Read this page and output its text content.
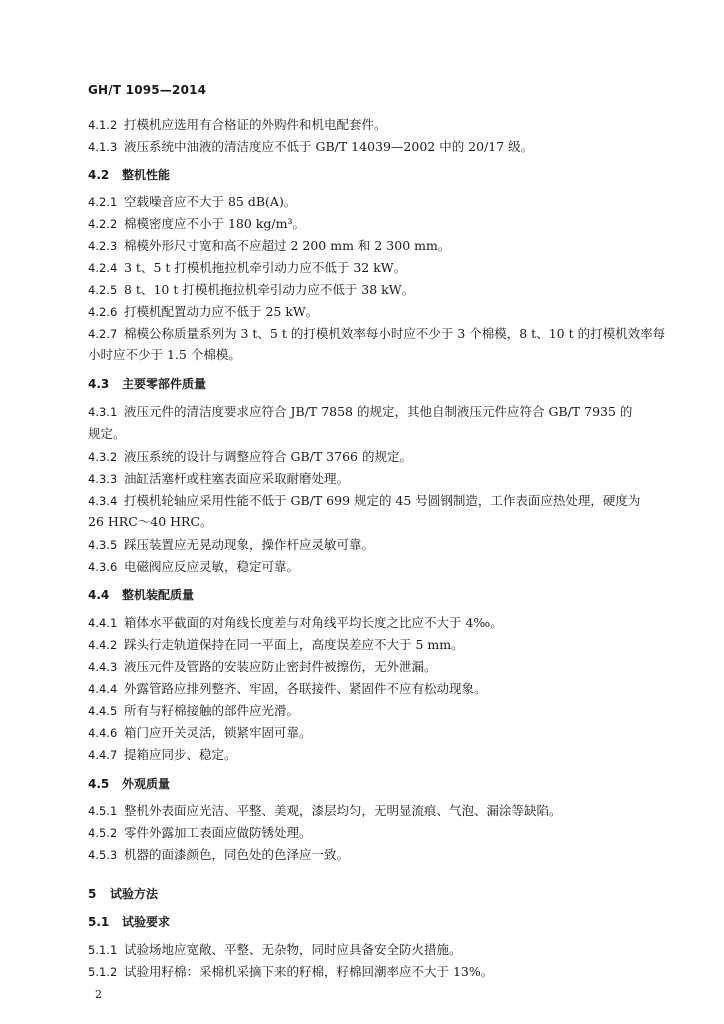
GH/T 1095—2014
4.1.2 打模机应选用有合格证的外购件和机电配套件。
4.1.3 液压系统中油液的清洁度应不低于 GB/T 14039—2002 中的 20/17 级。
4.2 整机性能
4.2.1 空载噪音应不大于 85 dB(A)。
4.2.2 棉模密度应不小于 180 kg/m³。
4.2.3 棉模外形尺寸宽和高不应超过 2 200 mm 和 2 300 mm。
4.2.4 3 t、5 t 打模机拖拉机牵引动力应不低于 32 kW。
4.2.5 8 t、10 t 打模机拖拉机牵引动力应不低于 38 kW。
4.2.6 打模机配置动力应不低于 25 kW。
4.2.7 棉模公称质量系列为 3 t、5 t 的打模机效率每小时应不少于 3 个棉模，8 t、10 t 的打模机效率每
小时应不少于 1.5 个棉模。
4.3 主要零部件质量
4.3.1 液压元件的清洁度要求应符合 JB/T 7858 的规定，其他自制液压元件应符合 GB/T 7935 的
规定。
4.3.2 液压系统的设计与调整应符合 GB/T 3766 的规定。
4.3.3 油缸活塞杆或柱塞表面应采取耐磨处理。
4.3.4 打模机轮轴应采用性能不低于 GB/T 699 规定的 45 号圆钢制造，工作表面应热处理，硬度为
26 HRC～40 HRC。
4.3.5 踩压装置应无晃动现象，操作杆应灵敏可靠。
4.3.6 电磁阀应反应灵敏，稳定可靠。
4.4 整机装配质量
4.4.1 箱体水平截面的对角线长度差与对角线平均长度之比应不大于 4‰。
4.4.2 踩头行走轨道保持在同一平面上，高度误差应不大于 5 mm。
4.4.3 液压元件及管路的安装应防止密封件被擦伤，无外泄漏。
4.4.4 外露管路应排列整齐、牢固，各联接件、紧固件不应有松动现象。
4.4.5 所有与籽棉接触的部件应光滑。
4.4.6 箱门应开关灵活，锁紧牢固可靠。
4.4.7 提箱应同步、稳定。
4.5 外观质量
4.5.1 整机外表面应光洁、平整、美观，漆层均匀，无明显流痕、气泡、漏涂等缺陷。
4.5.2 零件外露加工表面应做防锈处理。
4.5.3 机器的面漆颜色，同色处的色泽应一致。
5 试验方法
5.1 试验要求
5.1.1 试验场地应宽敞、平整、无杂物，同时应具备安全防火措施。
5.1.2 试验用籽棉：采棉机采摘下来的籽棉，籽棉回潮率应不大于 13%。
2
